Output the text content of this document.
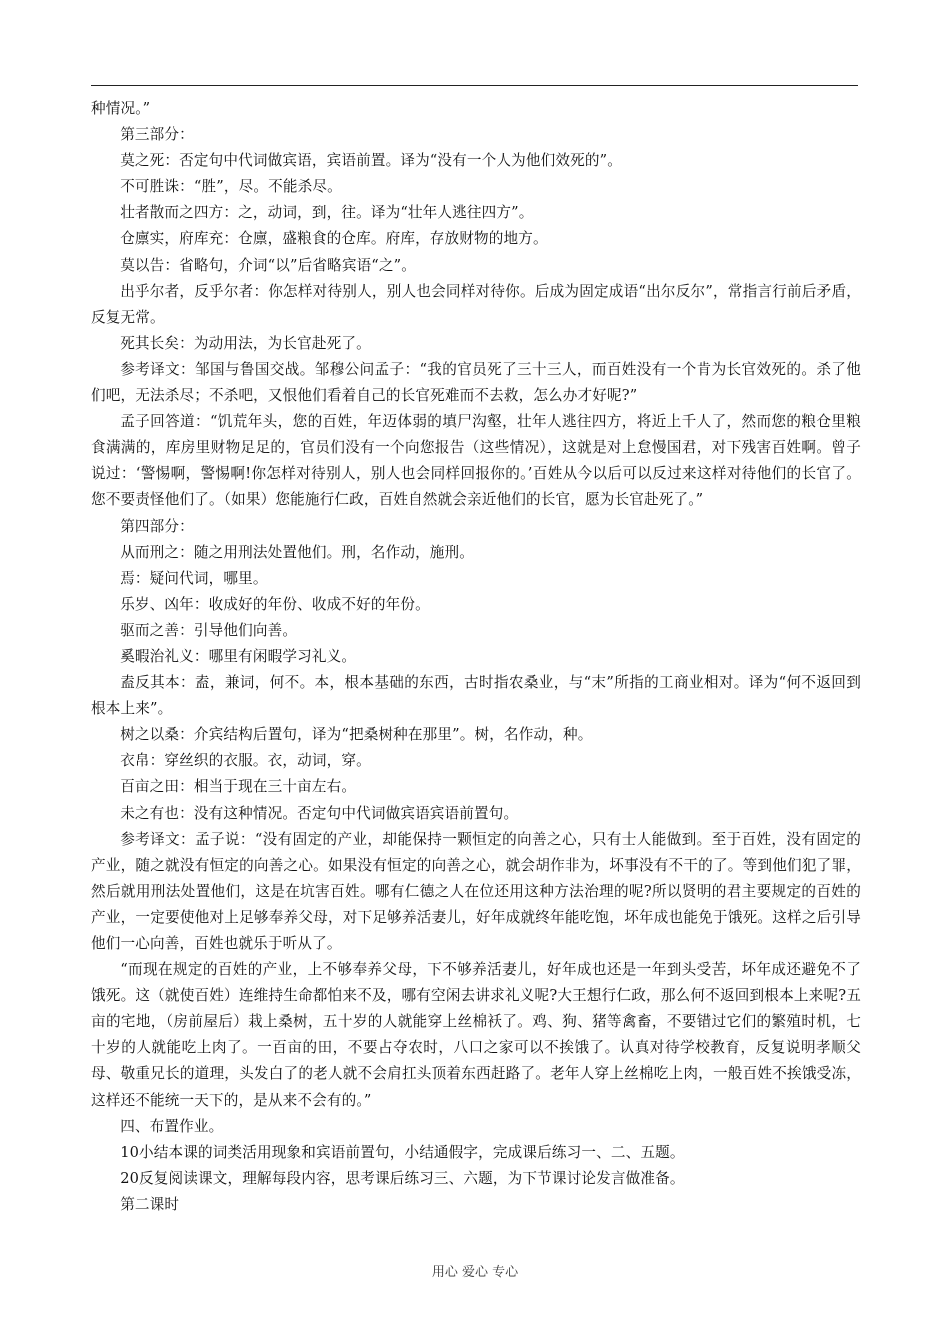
种情况。”

第三部分：

莫之死：否定句中代词做宾语，宾语前置。译为“没有一个人为他们效死的”。

不可胜诛：“胜”，尽。不能杀尽。

壮者散而之四方：之，动词，到，往。译为“壮年人逃往四方”。

仓廪实，府库充：仓廪，盛粮食的仓库。府库，存放财物的地方。

莫以告：省略句，介词“以”后省略宾语“之”。

出乎尔者，反乎尔者：你怎样对待别人，别人也会同样对待你。后成为固定成语“出尔反尔”，常指言行前后矛盾，反复无常。

死其长矣：为动用法，为长官赴死了。

参考译文：邹国与鲁国交战。邹穆公问孟子：“我的官员死了三十三人，而百姓没有一个肯为长官效死的。杀了他们吧，无法杀尽；不杀吧，又恨他们看着自己的长官死难而不去救，怎么办才好呢?”

孟子回答道：“饥荒年头，您的百姓，年迈体弱的填尸沟壑，壮年人逃往四方，将近上千人了，然而您的粮仓里粮食满满的，库房里财物足足的，官员们没有一个向您报告（这些情况），这就是对上怠慢国君，对下残害百姓啊。曾子说过：‘警惕啊，警惕啊!你怎样对待别人，别人也会同样回报你的。’百姓从今以后可以反过来这样对待他们的长官了。您不要责怪他们了。（如果）您能施行仁政，百姓自然就会亲近他们的长官，愿为长官赴死了。”

第四部分：

从而刑之：随之用刑法处置他们。刑，名作动，施刑。

焉：疑问代词，哪里。

乐岁、凶年：收成好的年份、收成不好的年份。

驱而之善：引导他们向善。

奚暇治礼义：哪里有闲暇学习礼义。

盍反其本：盍，兼词，何不。本，根本基础的东西，古时指农桑业，与“末”所指的工商业相对。译为“何不返回到根本上来”。

树之以桑：介宾结构后置句，译为“把桑树种在那里”。树，名作动，种。

衣帛：穿丝织的衣服。衣，动词，穿。

百亩之田：相当于现在三十亩左右。

未之有也：没有这种情况。否定句中代词做宾语宾语前置句。

参考译文：孟子说：“没有固定的产业，却能保持一颗恒定的向善之心，只有士人能做到。至于百姓，没有固定的产业，随之就没有恒定的向善之心。如果没有恒定的向善之心，就会胡作非为，坏事没有不干的了。等到他们犯了罪，然后就用刑法处置他们，这是在坑害百姓。哪有仁德之人在位还用这种方法治理的呢?所以贤明的君主要规定的百姓的产业，一定要使他对上足够奉养父母，对下足够养活妻儿，好年成就终年能吃饱，坏年成也能免于饿死。这样之后引导他们一心向善，百姓也就乐于听从了。

“而现在规定的百姓的产业，上不够奉养父母，下不够养活妻儿，好年成也还是一年到头受苦，坏年成还避免不了饿死。这（就使百姓）连维持生命都怕来不及，哪有空闲去讲求礼义呢?大王想行仁政，那么何不返回到根本上来呢?五亩的宅地，（房前屋后）栽上桑树，五十岁的人就能穿上丝棉袄了。鸡、狗、猪等禽畜，不要错过它们的繁殖时机，七十岁的人就能吃上肉了。一百亩的田，不要占夺农时，八口之家可以不挨饿了。认真对待学校教育，反复说明孝顺父母、敬重兄长的道理，头发白了的老人就不会肩扛头顶着东西赶路了。老年人穿上丝棉吃上肉，一般百姓不挨饿受冻，这样还不能统一天下的，是从来不会有的。”

四、布置作业。

10小结本课的词类活用现象和宾语前置句，小结通假字，完成课后练习一、二、五题。

20反复阅读课文，理解每段内容，思考课后练习三、六题，为下节课讨论发言做准备。

第二课时

用心 爱心 专心
